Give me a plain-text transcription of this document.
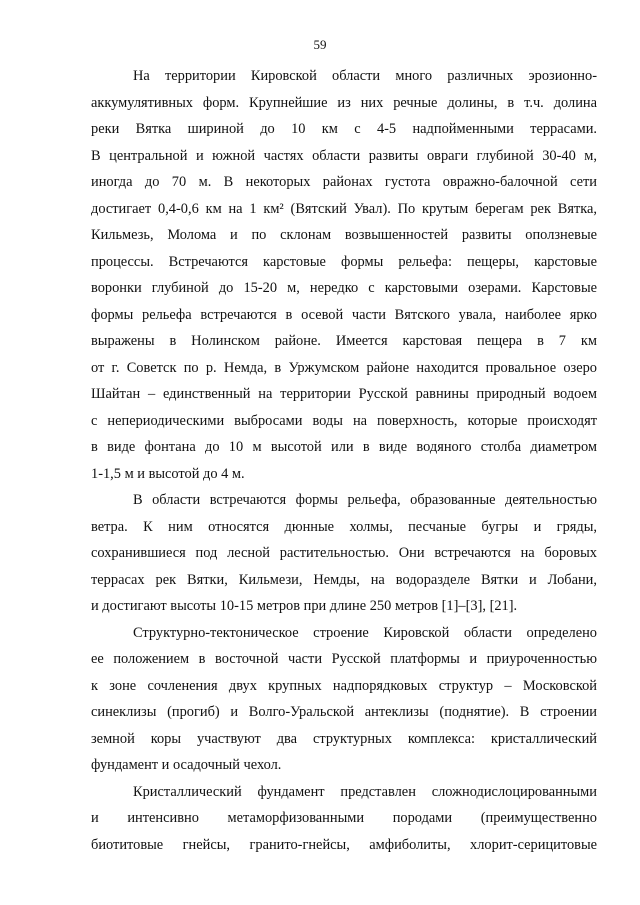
59
На территории Кировской области много различных эрозионно-
аккумулятивных форм. Крупнейшие из них речные долины, в т.ч. долина
реки Вятка шириной до 10 км с 4-5 надпойменными террасами.
В центральной и южной частях области развиты овраги глубиной 30-40 м,
иногда до 70 м. В некоторых районах густота овражно-балочной сети
достигает 0,4-0,6 км на 1 км² (Вятский Увал). По крутым берегам рек Вятка,
Кильмезь, Молома и по склонам возвышенностей развиты оползневые
процессы. Встречаются карстовые формы рельефа: пещеры, карстовые
воронки глубиной до 15-20 м, нередко с карстовыми озерами. Карстовые
формы рельефа встречаются в осевой части Вятского увала, наиболее ярко
выражены в Нолинском районе. Имеется карстовая пещера в 7 км
от г. Советск по р. Немда, в Уржумском районе находится провальное озеро
Шайтан – единственный на территории Русской равнины природный водоем
с непериодическими выбросами воды на поверхность, которые происходят
в виде фонтана до 10 м высотой или в виде водяного столба диаметром
1-1,5 м и высотой до 4 м.
В области встречаются формы рельефа, образованные деятельностью
ветра. К ним относятся дюнные холмы, песчаные бугры и гряды,
сохранившиеся под лесной растительностью. Они встречаются на боровых
террасах рек Вятки, Кильмези, Немды, на водоразделе Вятки и Лобани,
и достигают высоты 10-15 метров при длине 250 метров [1]–[3], [21].
Структурно-тектоническое строение Кировской области определено
ее положением в восточной части Русской платформы и приуроченностью
к зоне сочленения двух крупных надпорядковых структур – Московской
синеклизы (прогиб) и Волго-Уральской антеклизы (поднятие). В строении
земной коры участвуют два структурных комплекса: кристаллический
фундамент и осадочный чехол.
Кристаллический фундамент представлен сложнодислоцированными
и интенсивно метаморфизованными породами (преимущественно
биотитовые гнейсы, гранито-гнейсы, амфиболиты, хлорит-серицитовые
